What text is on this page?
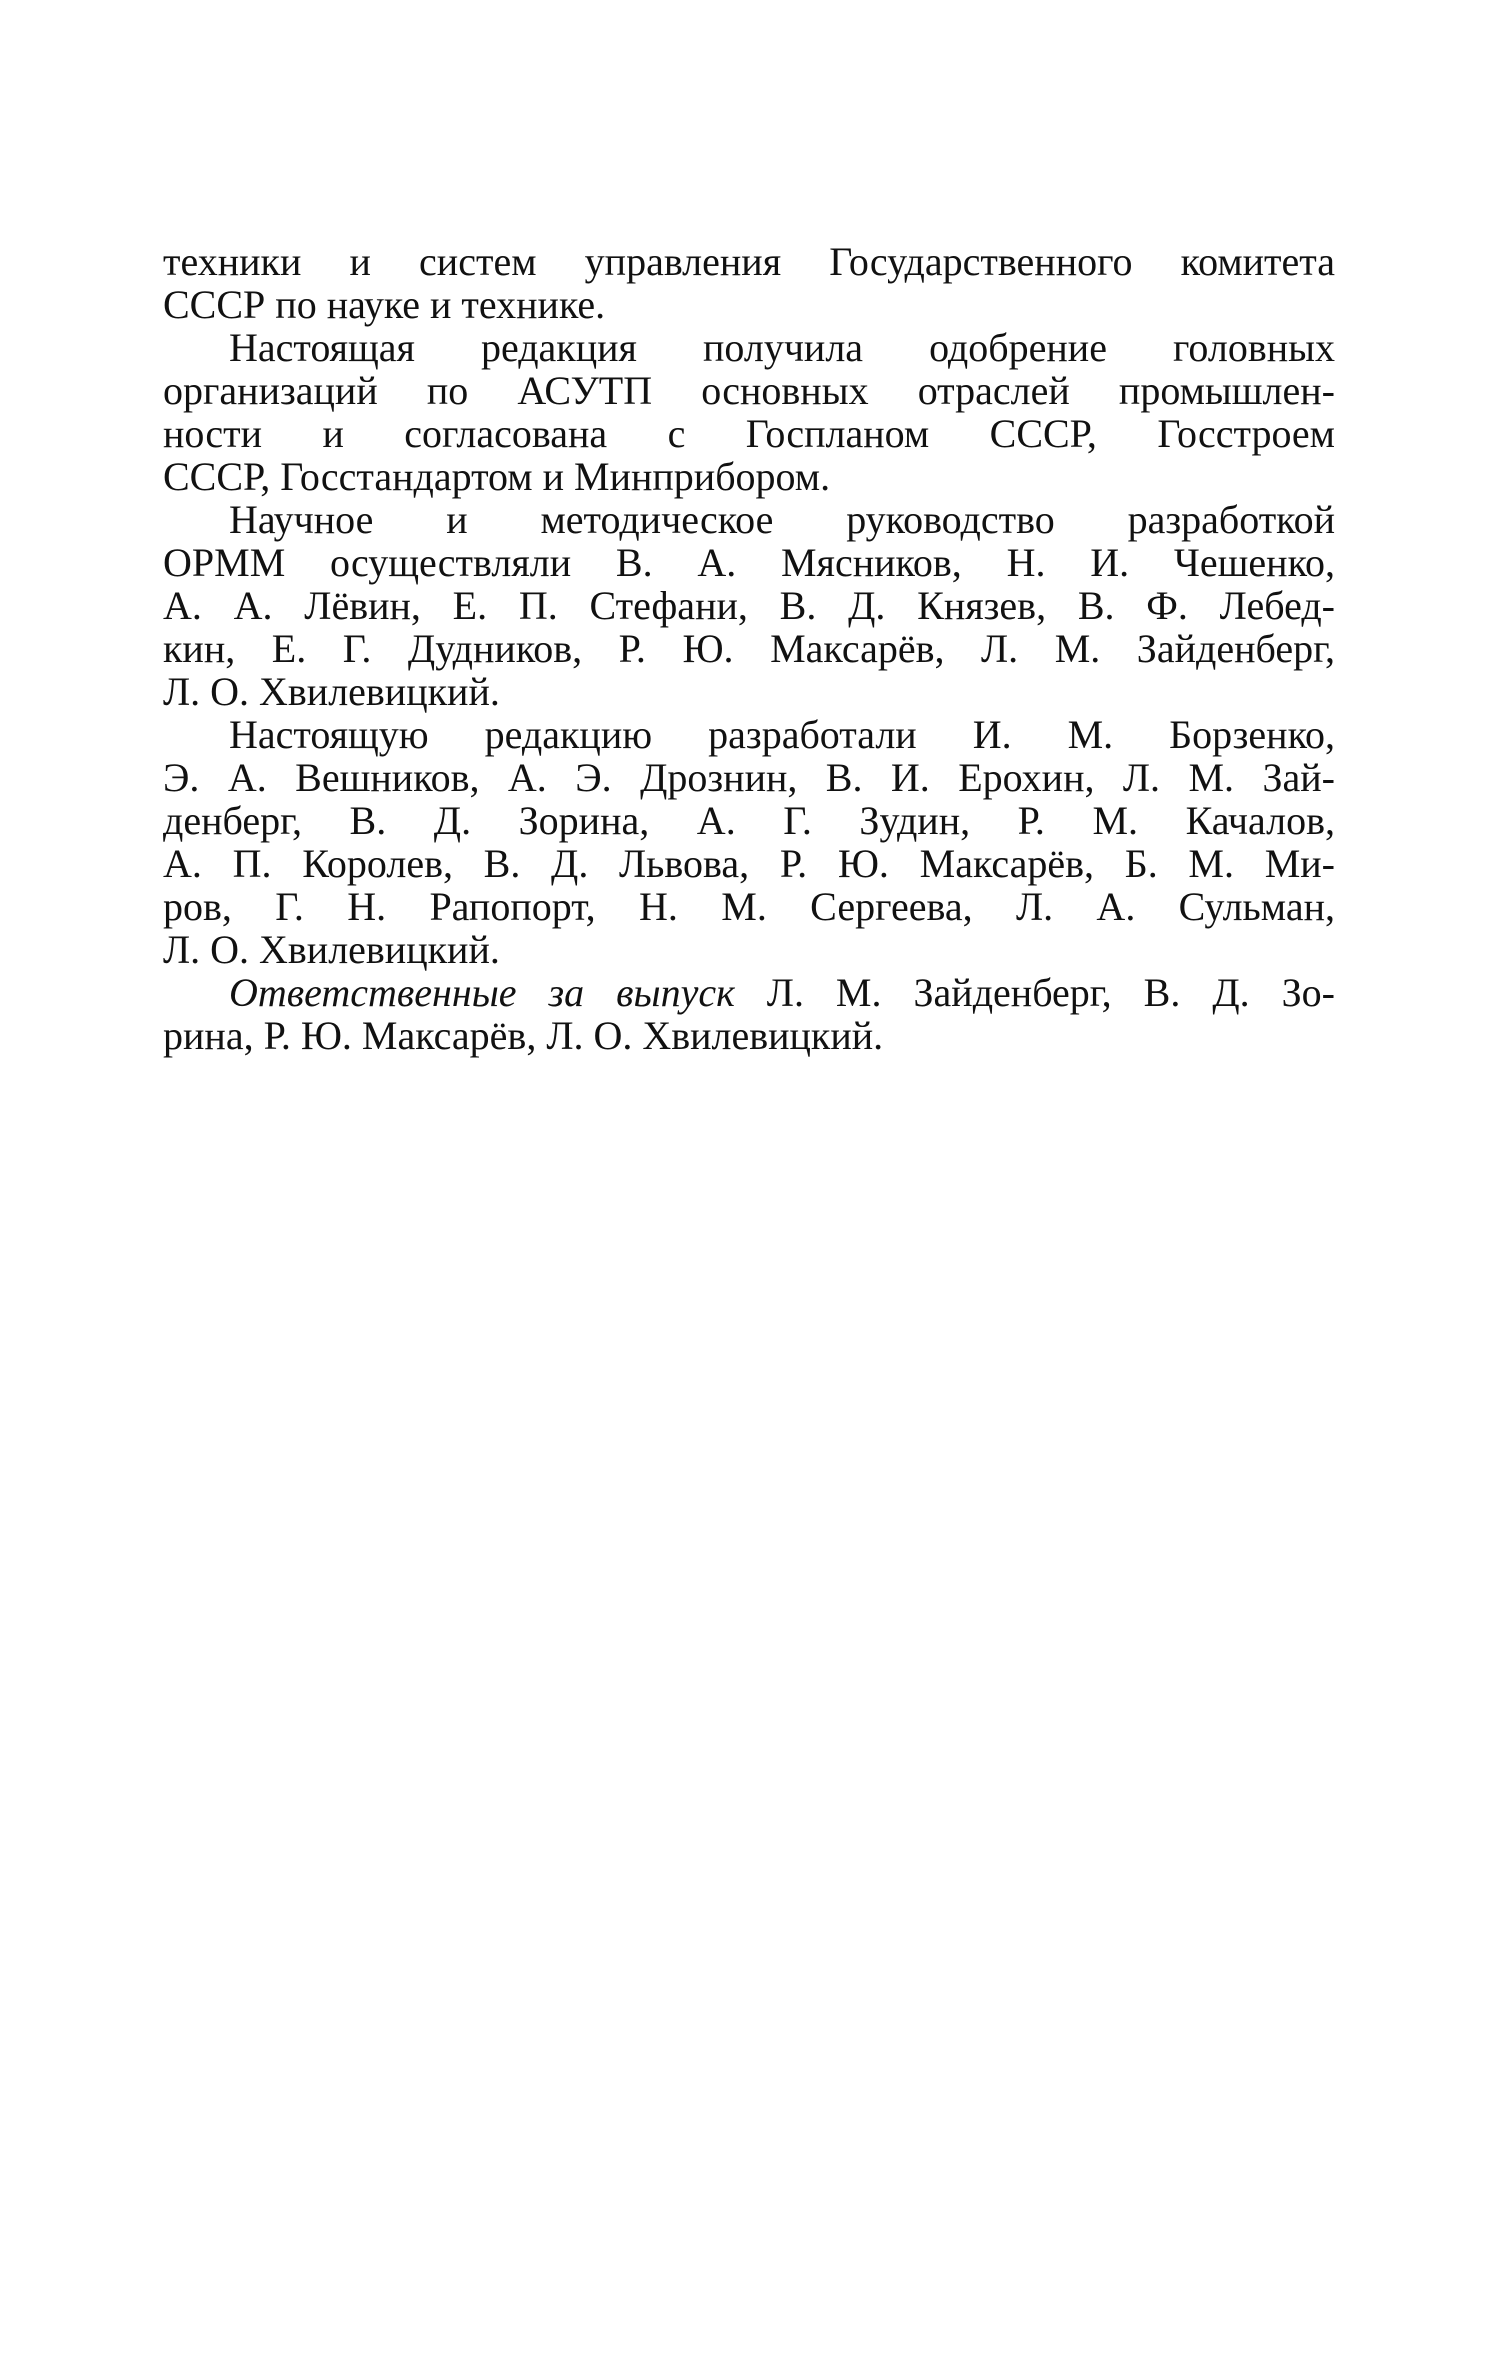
техники и систем управления Государственного комитета
СССР по науке и технике.

Настоящая редакция получила одобрение головных
организаций по АСУТП основных отраслей промышлен-
ности и согласована с Госпланом СССР, Госстроем
СССР, Госстандартом и Минприбором.

Научное и методическое руководство разработкой
ОРММ осуществляли В. А. Мясников, Н. И. Чешенко,
А. А. Лёвин, Е. П. Стефани, В. Д. Князев, В. Ф. Лебед-
кин, Е. Г. Дудников, Р. Ю. Максарёв, Л. М. Зайденберг,
Л. О. Хвилевицкий.

Настоящую редакцию разработали И. М. Борзенко,
Э. А. Вешников, А. Э. Дрознин, В. И. Ерохин, Л. М. Зай-
денберг, В. Д. Зорина, А. Г. Зудин, Р. М. Качалов,
А. П. Королев, В. Д. Львова, Р. Ю. Максарёв, Б. М. Ми-
ров, Г. Н. Рапопорт, Н. М. Сергеева, Л. А. Сульман,
Л. О. Хвилевицкий.

Ответственные за выпуск Л. М. Зайденберг, В. Д. Зо-
рина, Р. Ю. Максарёв, Л. О. Хвилевицкий.
